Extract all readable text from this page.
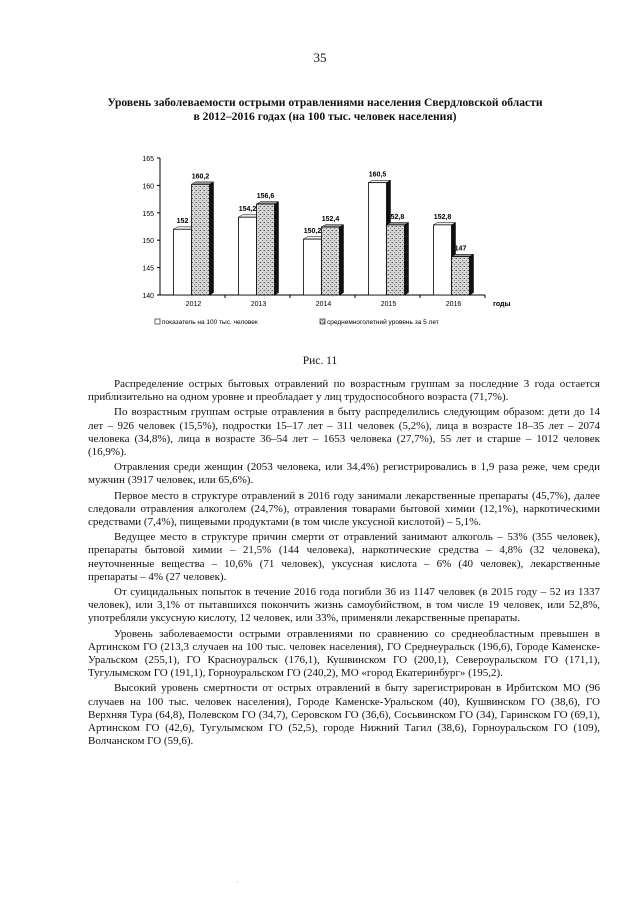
35
Уровень заболеваемости острыми отравлениями населения Свердловской области
в 2012–2016 годах (на 100 тыс. человек населения)
140
145
150
155
160
165
152
160,2
2012
154,2
156,6
2013
150,2
152,4
2014
160,5
152,8
2015
152,8
147
2016	годы
показатель на 100 тыс. человек	среднемноголетний уровень за 5 лет
Рис. 11

Распределение острых бытовых отравлений по возрастным группам за последние 3 года остается приблизительно на одном уровне и преобладает у лиц трудоспособного возраста (71,7%).

По возрастным группам острые отравления в быту распределились следующим образом: дети до 14 лет – 926 человек (15,5%), подростки 15–17 лет – 311 человек (5,2%), лица в возрасте 18–35 лет – 2074 человека (34,8%), лица в возрасте 36–54 лет – 1653 человека (27,7%), 55 лет и старше – 1012 человек (16,9%).

Отравления среди женщин (2053 человека, или 34,4%) регистрировались в 1,9 раза реже, чем среди мужчин (3917 человек, или 65,6%).

Первое место в структуре отравлений в 2016 году занимали лекарственные препараты (45,7%), далее следовали отравления алкоголем (24,7%), отравления товарами бытовой химии (12,1%), наркотическими средствами (7,4%), пищевыми продуктами (в том числе уксусной кислотой) – 5,1%.

Ведущее место в структуре причин смерти от отравлений занимают алкоголь – 53% (355 человек), препараты бытовой химии – 21,5% (144 человека), наркотические средства – 4,8% (32 человека), неуточненные вещества – 10,6% (71 человек), уксусная кислота – 6% (40 человек), лекарственные препараты – 4% (27 человек).

От суицидальных попыток в течение 2016 года погибли 36 из 1147 человек (в 2015 году – 52 из 1337 человек), или 3,1% от пытавшихся покончить жизнь самоубийством, в том числе 19 человек, или 52,8%, употребляли уксусную кислоту, 12 человек, или 33%, применяли лекарственные препараты.

Уровень заболеваемости острыми отравлениями по сравнению со среднеобластным превышен в Артинском ГО (213,3 случаев на 100 тыс. человек населения), ГО Среднеуральск (196,6), Городе Каменске-Уральском (255,1), ГО Красноуральск (176,1), Кушвинском ГО (200,1), Североуральском ГО (171,1), Тугулымском ГО (191,1), Горноуральском ГО (240,2), МО «город Екатеринбург» (195,2).

Высокий уровень смертности от острых отравлений в быту зарегистрирован в Ирбитском МО (96 случаев на 100 тыс. человек населения), Городе Каменске-Уральском (40), Кушвинском ГО (38,6), ГО Верхняя Тура (64,8), Полевском ГО (34,7), Серовском ГО (36,6), Сосьвинском ГО (34), Гаринском ГО (69,1), Артинском ГО (42,6), Тугулымском ГО (52,5), городе Нижний Тагил (38,6), Горноуральском ГО (109), Волчанском ГО (59,6).

·
